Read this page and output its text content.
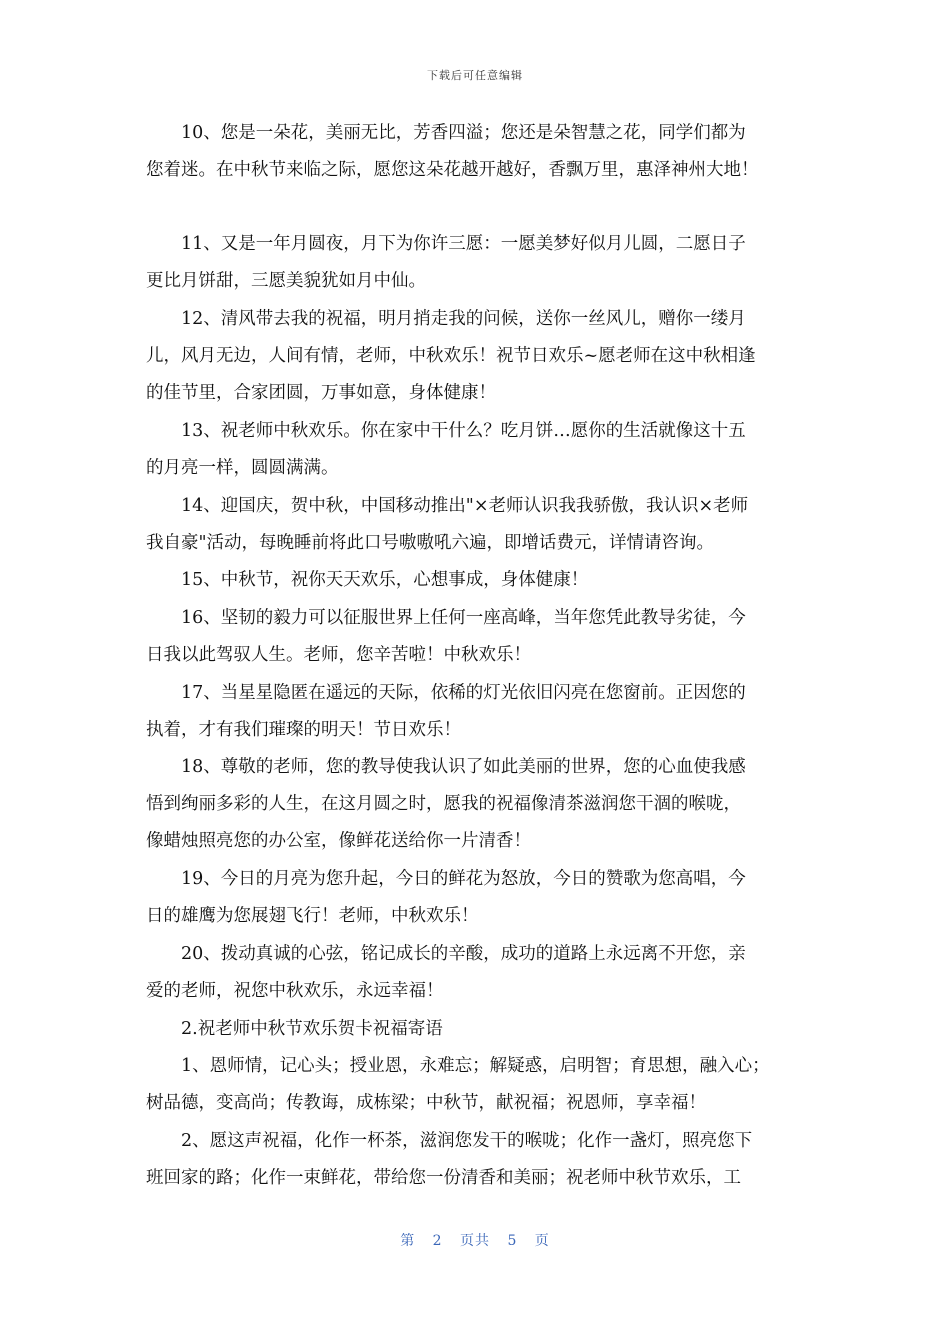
下载后可任意编辑
10、您是一朵花，美丽无比，芳香四溢；您还是朵智慧之花，同学们都为
您着迷。在中秋节来临之际，愿您这朵花越开越好，香飘万里，惠泽神州大地！
11、又是一年月圆夜，月下为你许三愿：一愿美梦好似月儿圆，二愿日子
更比月饼甜，三愿美貌犹如月中仙。
12、清风带去我的祝福，明月捎走我的问候，送你一丝风儿，赠你一缕月
儿，风月无边，人间有情，老师，中秋欢乐！祝节日欢乐~愿老师在这中秋相逢
的佳节里，合家团圆，万事如意，身体健康！
13、祝老师中秋欢乐。你在家中干什么？吃月饼…愿你的生活就像这十五
的月亮一样，圆圆满满。
14、迎国庆，贺中秋，中国移动推出"×老师认识我我骄傲，我认识×老师
我自豪"活动，每晚睡前将此口号嗷嗷吼六遍，即增话费元，详情请咨询。
15、中秋节，祝你天天欢乐，心想事成，身体健康！
16、坚韧的毅力可以征服世界上任何一座高峰，当年您凭此教导劣徒，今
日我以此驾驭人生。老师，您辛苦啦！中秋欢乐！
17、当星星隐匿在遥远的天际，依稀的灯光依旧闪亮在您窗前。正因您的
执着，才有我们璀璨的明天！节日欢乐！
18、尊敬的老师，您的教导使我认识了如此美丽的世界，您的心血使我感
悟到绚丽多彩的人生，在这月圆之时，愿我的祝福像清茶滋润您干涸的喉咙，
像蜡烛照亮您的办公室，像鲜花送给你一片清香！
19、今日的月亮为您升起，今日的鲜花为怒放，今日的赞歌为您高唱，今
日的雄鹰为您展翅飞行！老师，中秋欢乐！
20、拨动真诚的心弦，铭记成长的辛酸，成功的道路上永远离不开您，亲
爱的老师，祝您中秋欢乐，永远幸福！
2.祝老师中秋节欢乐贺卡祝福寄语
1、恩师情，记心头；授业恩，永难忘；解疑惑，启明智；育思想，融入心；
树品德，变高尚；传教诲，成栋梁；中秋节，献祝福；祝恩师，享幸福！
2、愿这声祝福，化作一杯茶，滋润您发干的喉咙；化作一盏灯，照亮您下
班回家的路；化作一束鲜花，带给您一份清香和美丽；祝老师中秋节欢乐，工
第 2 页共 5 页
